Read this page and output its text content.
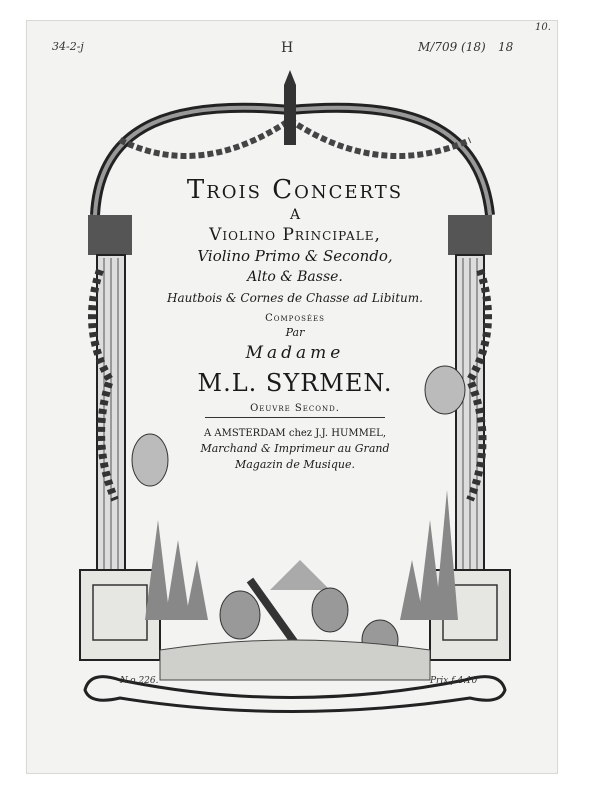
34-2-j	H	M/709 (18) 18
10.
Trois Concerts
A
Violino Principale,
Violino Primo & Secondo,
Alto & Basse.
Hautbois & Cornes de Chasse ad Libitum.
Composées
Par
Madame
M.L. SYRMEN.
Oeuvre Second.
A AMSTERDAM chez J.J. HUMMEL,
Marchand & Imprimeur au Grand
Magazin de Musique.
N.o 226.	Prix f 4.10
